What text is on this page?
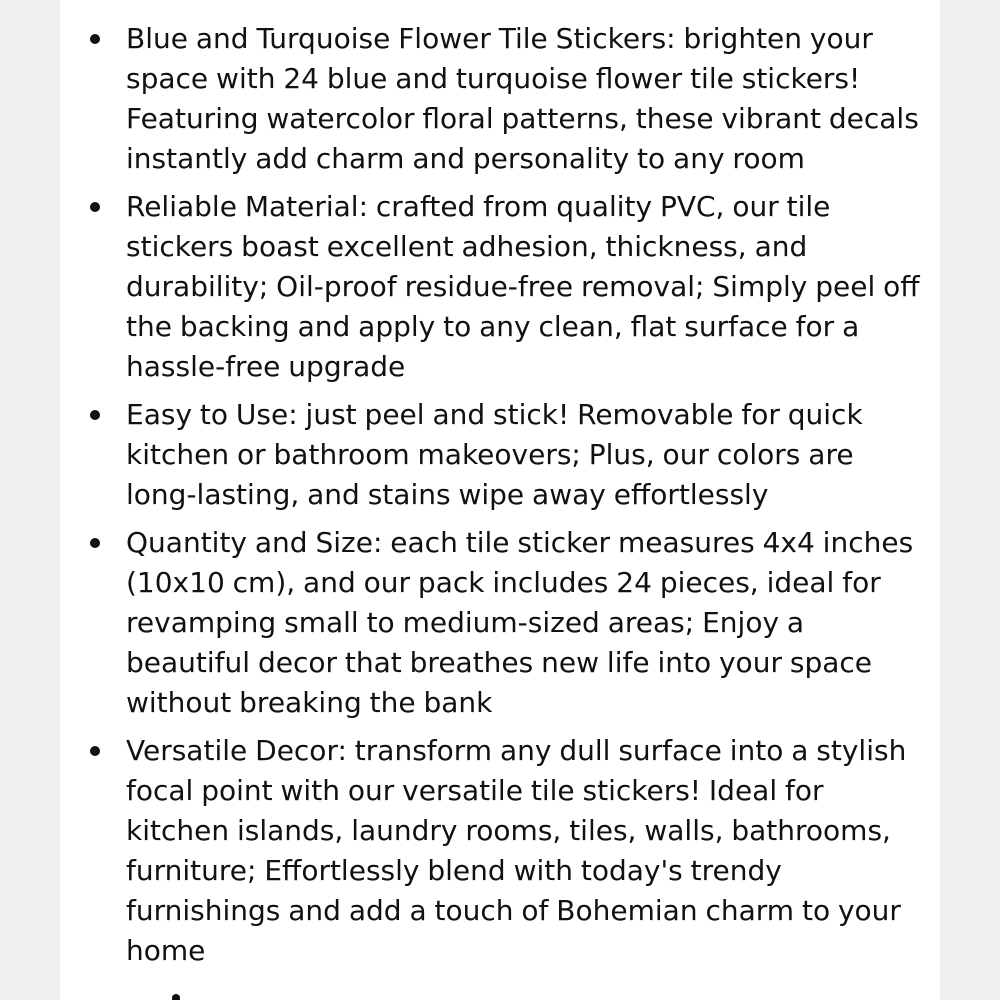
Blue and Turquoise Flower Tile Stickers: brighten your space with 24 blue and turquoise flower tile stickers! Featuring watercolor floral patterns, these vibrant decals instantly add charm and personality to any room
Reliable Material: crafted from quality PVC, our tile stickers boast excellent adhesion, thickness, and durability; Oil-proof residue-free removal; Simply peel off the backing and apply to any clean, flat surface for a hassle-free upgrade
Easy to Use: just peel and stick! Removable for quick kitchen or bathroom makeovers; Plus, our colors are long-lasting, and stains wipe away effortlessly
Quantity and Size: each tile sticker measures 4x4 inches (10x10 cm), and our pack includes 24 pieces, ideal for revamping small to medium-sized areas; Enjoy a beautiful decor that breathes new life into your space without breaking the bank
Versatile Decor: transform any dull surface into a stylish focal point with our versatile tile stickers! Ideal for kitchen islands, laundry rooms, tiles, walls, bathrooms, furniture; Effortlessly blend with today's trendy furnishings and add a touch of Bohemian charm to your home
